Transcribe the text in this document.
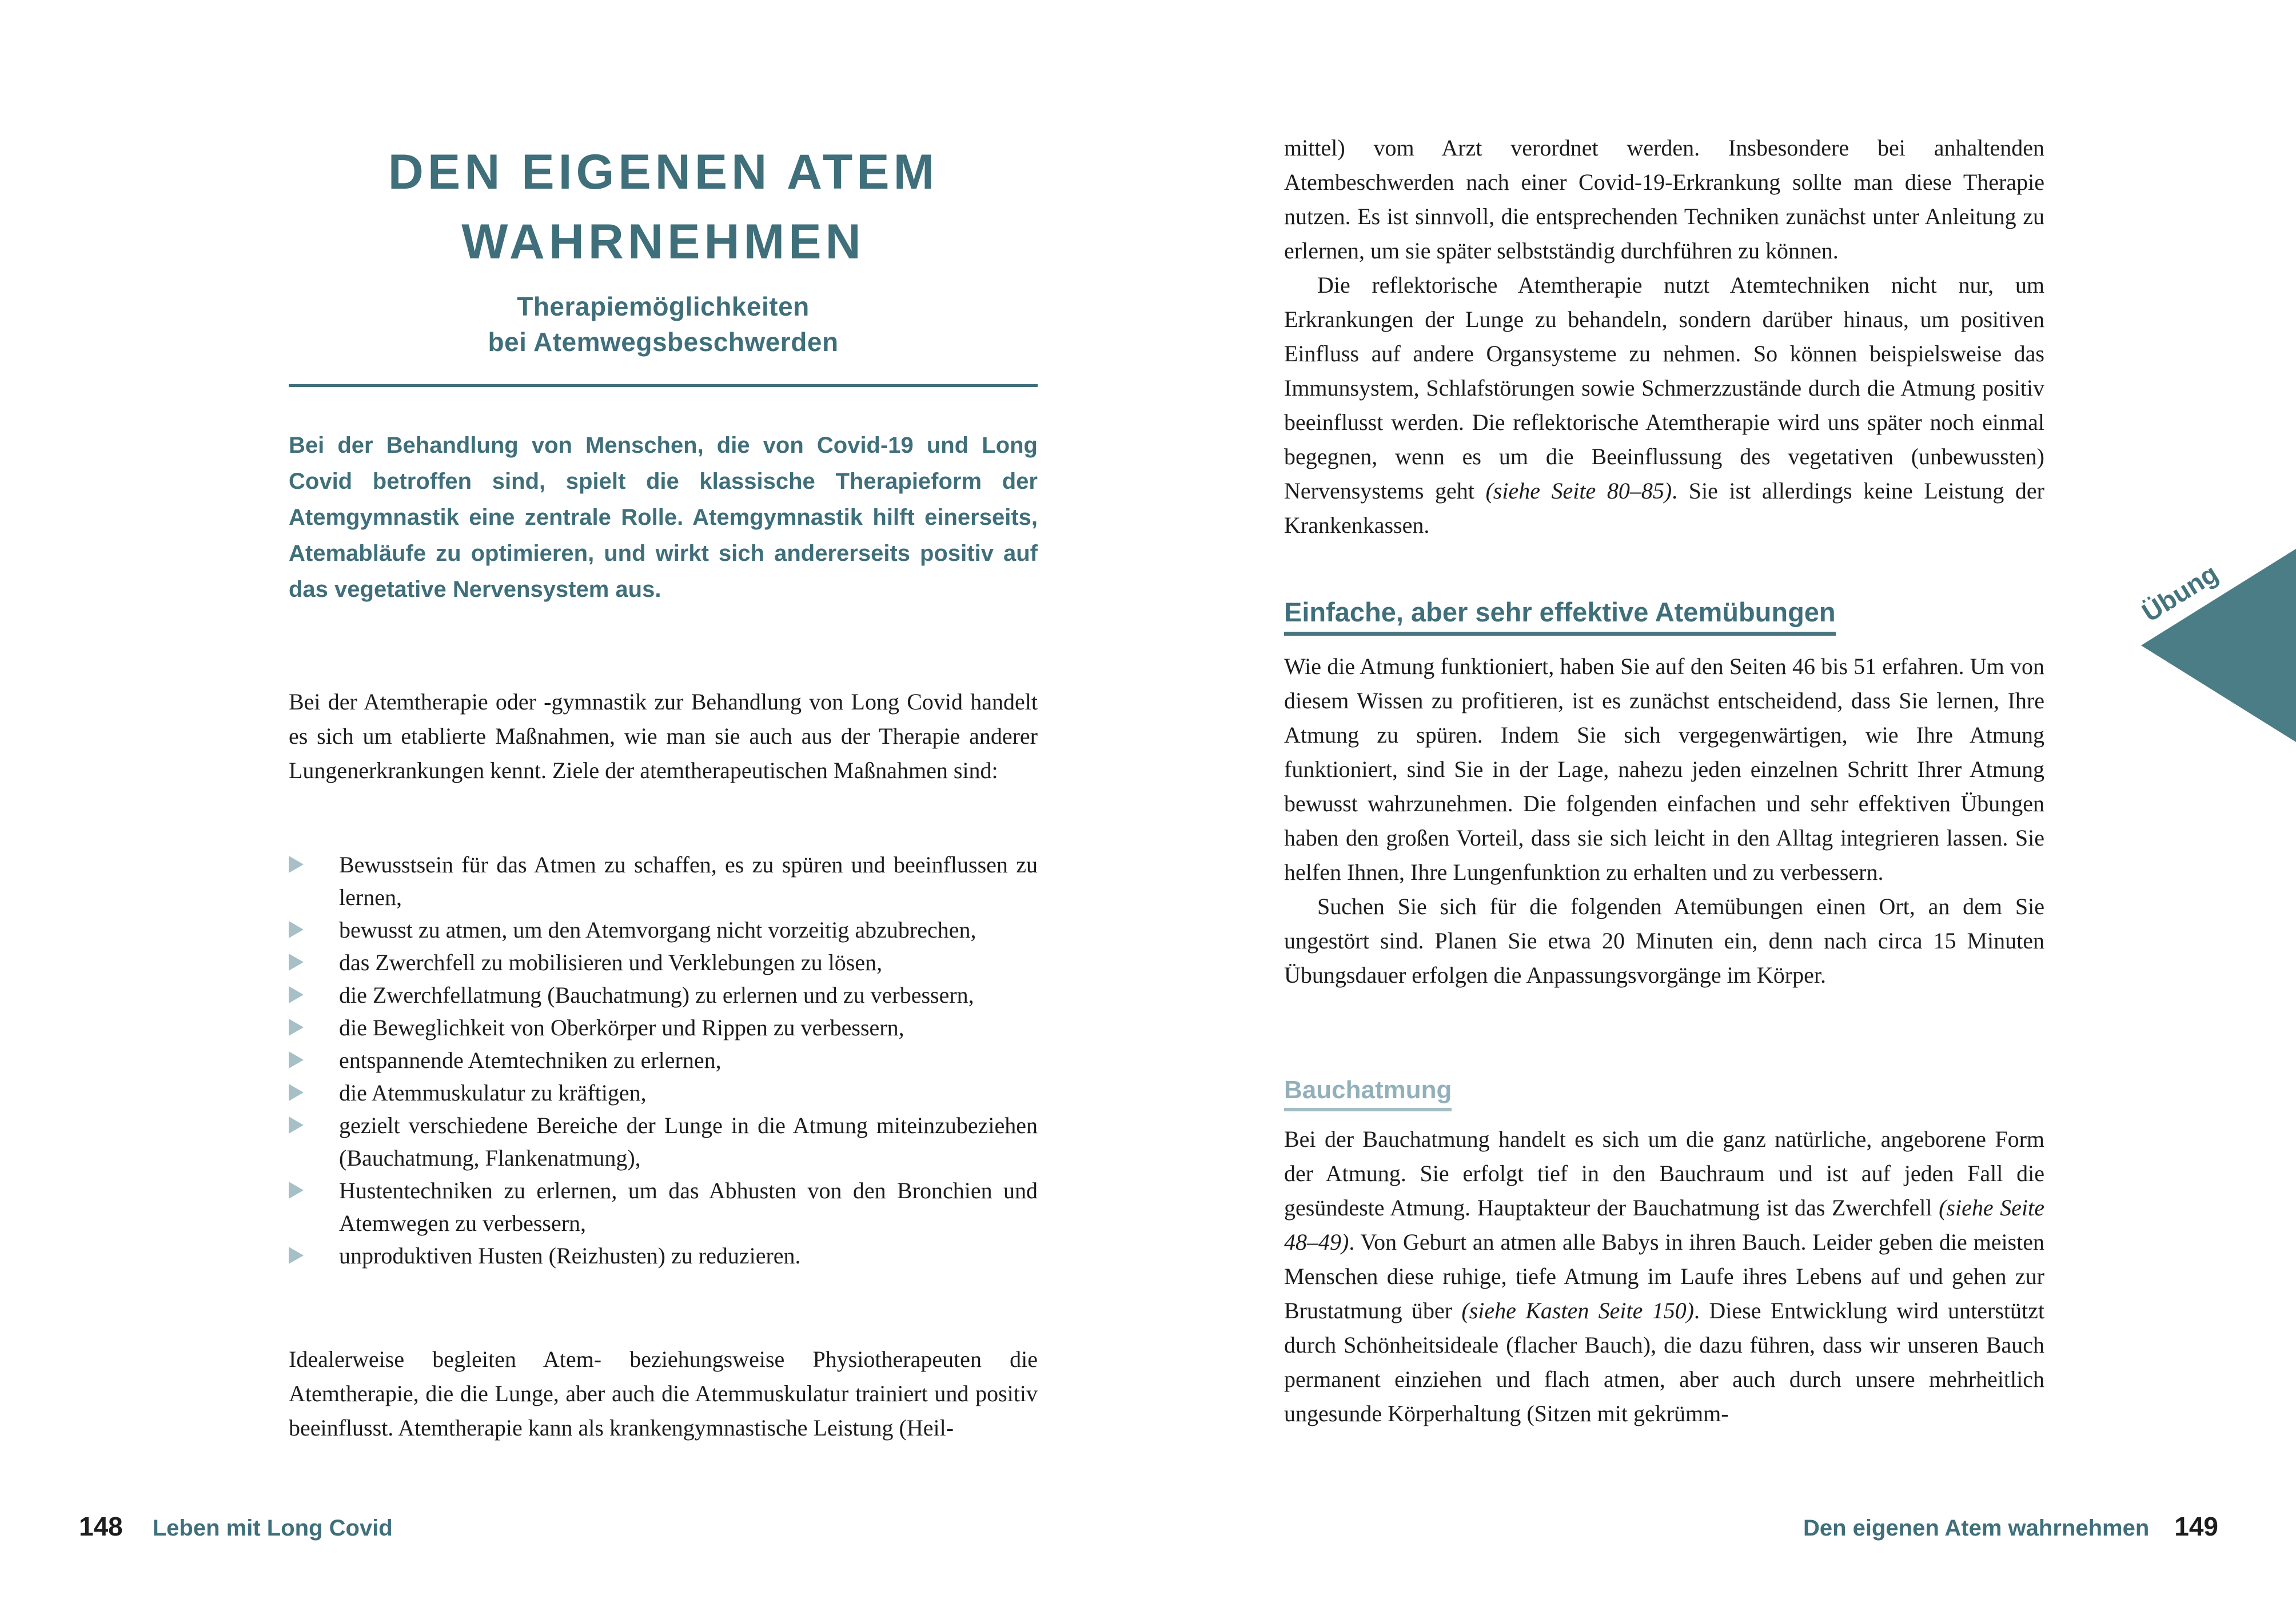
DEN EIGENEN ATEM
WAHRNEHMEN
Therapiemöglichkeiten
bei Atemwegsbeschwerden
Bei der Behandlung von Menschen, die von Covid-19 und Long Covid betroffen sind, spielt die klassische Therapieform der Atemgymnastik eine zentrale Rolle. Atemgymnastik hilft einerseits, Atemabläufe zu optimieren, und wirkt sich andererseits positiv auf das vegetative Nervensystem aus.
Bei der Atemtherapie oder -gymnastik zur Behandlung von Long Covid handelt es sich um etablierte Maßnahmen, wie man sie auch aus der Therapie anderer Lungenerkrankungen kennt. Ziele der atemtherapeutischen Maßnahmen sind:
Bewusstsein für das Atmen zu schaffen, es zu spüren und beeinflussen zu lernen,
bewusst zu atmen, um den Atemvorgang nicht vorzeitig abzubrechen,
das Zwerchfell zu mobilisieren und Verklebungen zu lösen,
die Zwerchfellatmung (Bauchatmung) zu erlernen und zu verbessern,
die Beweglichkeit von Oberkörper und Rippen zu verbessern,
entspannende Atemtechniken zu erlernen,
die Atemmuskulatur zu kräftigen,
gezielt verschiedene Bereiche der Lunge in die Atmung miteinzubeziehen (Bauchatmung, Flankenatmung),
Hustentechniken zu erlernen, um das Abhusten von den Bronchien und Atemwegen zu verbessern,
unproduktiven Husten (Reizhusten) zu reduzieren.
Idealerweise begleiten Atem- beziehungsweise Physiotherapeuten die Atemtherapie, die die Lunge, aber auch die Atemmuskulatur trainiert und positiv beeinflusst. Atemtherapie kann als krankengymnastische Leistung (Heil-
148 Leben mit Long Covid

mittel) vom Arzt verordnet werden. Insbesondere bei anhaltenden Atembeschwerden nach einer Covid-19-Erkrankung sollte man diese Therapie nutzen. Es ist sinnvoll, die entsprechenden Techniken zunächst unter Anleitung zu erlernen, um sie später selbstständig durchführen zu können.

Die reflektorische Atemtherapie nutzt Atemtechniken nicht nur, um Erkrankungen der Lunge zu behandeln, sondern darüber hinaus, um positiven Einfluss auf andere Organsysteme zu nehmen. So können beispielsweise das Immunsystem, Schlafstörungen sowie Schmerzzustände durch die Atmung positiv beeinflusst werden. Die reflektorische Atemtherapie wird uns später noch einmal begegnen, wenn es um die Beeinflussung des vegetativen (unbewussten) Nervensystems geht (siehe Seite 80–85). Sie ist allerdings keine Leistung der Krankenkassen.

Einfache, aber sehr effektive Atemübungen

Wie die Atmung funktioniert, haben Sie auf den Seiten 46 bis 51 erfahren. Um von diesem Wissen zu profitieren, ist es zunächst entscheidend, dass Sie lernen, Ihre Atmung zu spüren. Indem Sie sich vergegenwärtigen, wie Ihre Atmung funktioniert, sind Sie in der Lage, nahezu jeden einzelnen Schritt Ihrer Atmung bewusst wahrzunehmen. Die folgenden einfachen und sehr effektiven Übungen haben den großen Vorteil, dass sie sich leicht in den Alltag integrieren lassen. Sie helfen Ihnen, Ihre Lungenfunktion zu erhalten und zu verbessern.

Suchen Sie sich für die folgenden Atemübungen einen Ort, an dem Sie ungestört sind. Planen Sie etwa 20 Minuten ein, denn nach circa 15 Minuten Übungsdauer erfolgen die Anpassungsvorgänge im Körper.

Bauchatmung

Bei der Bauchatmung handelt es sich um die ganz natürliche, angeborene Form der Atmung. Sie erfolgt tief in den Bauchraum und ist auf jeden Fall die gesündeste Atmung. Hauptakteur der Bauchatmung ist das Zwerchfell (siehe Seite 48–49). Von Geburt an atmen alle Babys in ihren Bauch. Leider geben die meisten Menschen diese ruhige, tiefe Atmung im Laufe ihres Lebens auf und gehen zur Brustatmung über (siehe Kasten Seite 150). Diese Entwicklung wird unterstützt durch Schönheitsideale (flacher Bauch), die dazu führen, dass wir unseren Bauch permanent einziehen und flach atmen, aber auch durch unsere mehrheitlich ungesunde Körperhaltung (Sitzen mit gekrümm-

Den eigenen Atem wahrnehmen 149
Übung
